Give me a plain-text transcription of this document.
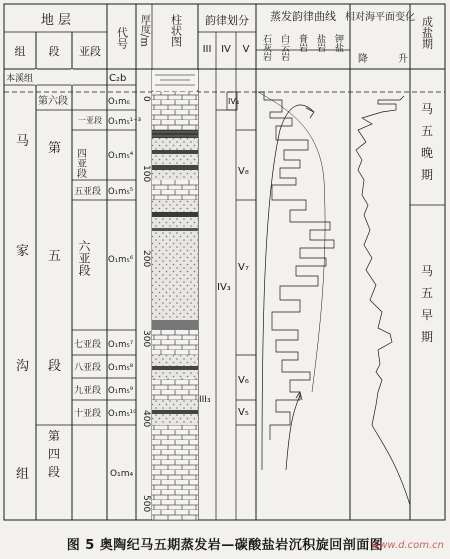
地 层
组 段 亚段
代号 厚度/m 柱状图 韵律划分
III IV V
蒸发韵律曲线
石灰岩 白云岩 膏岩 盐岩 钾盐
相对海平面变化
降	升
成盐期
本溪组	C₂b
马
家
沟
组
第六段
第
五
段
第
四
段
一亚段
四亚段
五亚段
六亚段
七亚段
八亚段
九亚段
十亚段
O₁m₆
O₁m₅¹⁻³
O₁m₅⁴
O₁m₅⁵
O₁m₅⁶
O₁m₅⁷
O₁m₅⁸
O₁m₅⁹
O₁m₅¹⁰
O₁m₄
0
100
200
300
400
500
IV₄
V₈
V₇
V₆
V₅
IV₃
III₃
马
五
晚
期
马
五
早
期
图 5 奥陶纪马五期蒸发岩—碳酸盐岩沉积旋回剖面图
www.d.com.cn
